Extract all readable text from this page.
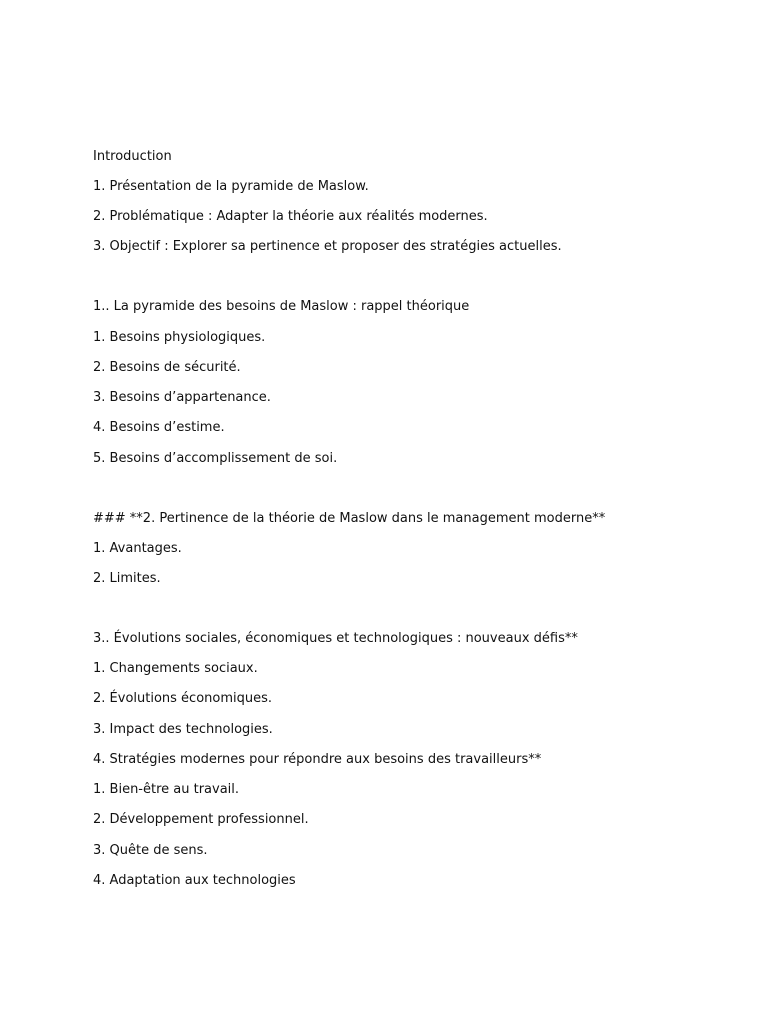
Introduction
1. Présentation de la pyramide de Maslow.
2. Problématique : Adapter la théorie aux réalités modernes.
3. Objectif : Explorer sa pertinence et proposer des stratégies actuelles.
1.. La pyramide des besoins de Maslow : rappel théorique
1. Besoins physiologiques.
2. Besoins de sécurité.
3. Besoins d’appartenance.
4. Besoins d’estime.
5. Besoins d’accomplissement de soi.
### **2. Pertinence de la théorie de Maslow dans le management moderne**
1. Avantages.
2. Limites.
3.. Évolutions sociales, économiques et technologiques : nouveaux défis**
1. Changements sociaux.
2. Évolutions économiques.
3. Impact des technologies.
4. Stratégies modernes pour répondre aux besoins des travailleurs**
1. Bien-être au travail.
2. Développement professionnel.
3. Quête de sens.
4. Adaptation aux technologies
